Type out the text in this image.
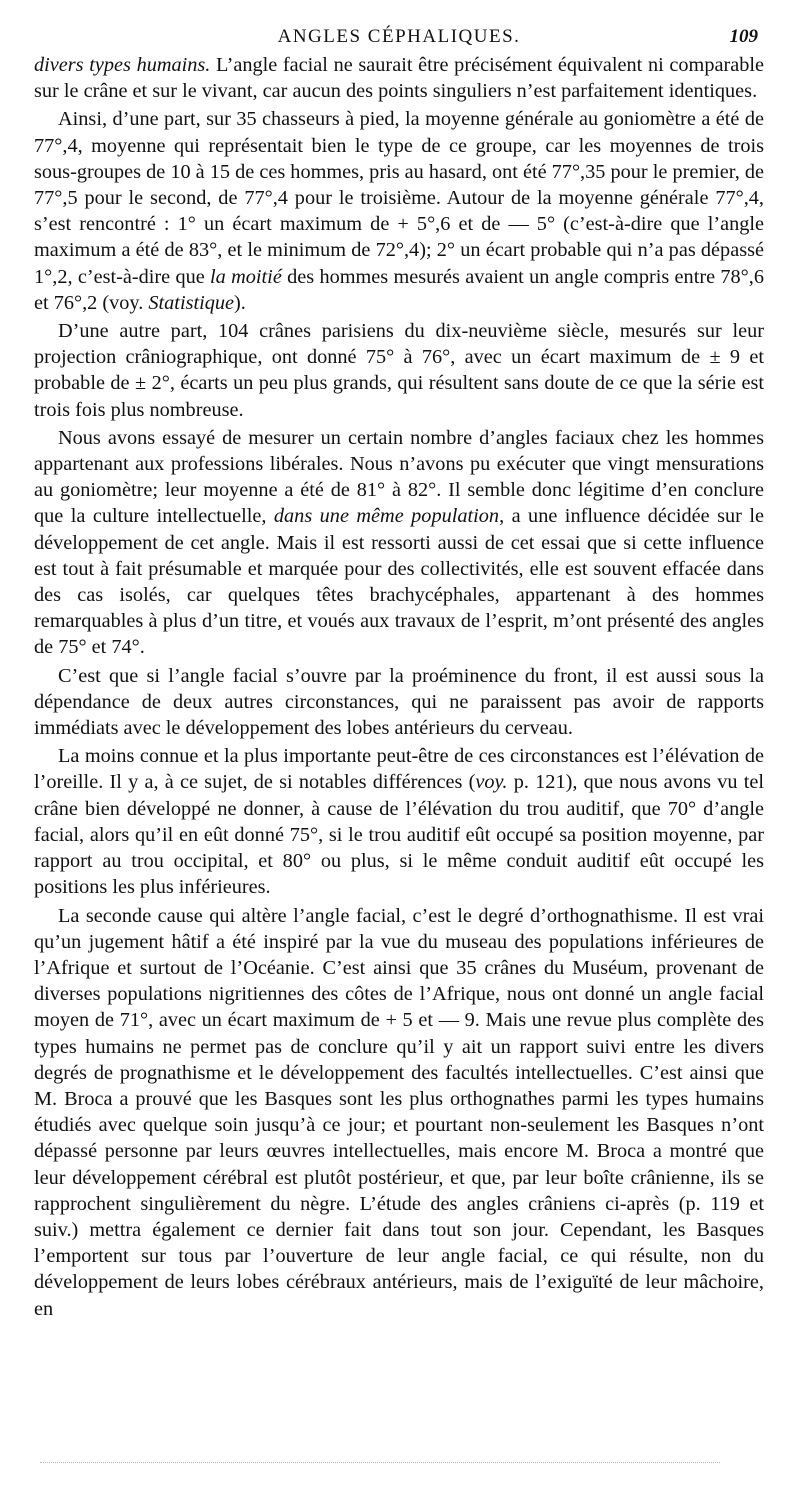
ANGLES CÉPHALIQUES.	109

divers types humains. L’angle facial ne saurait être précisément équivalent ni comparable sur le crâne et sur le vivant, car aucun des points singuliers n’est parfaitement identiques.

Ainsi, d’une part, sur 35 chasseurs à pied, la moyenne générale au goniomètre a été de 77°,4, moyenne qui représentait bien le type de ce groupe, car les moyennes de trois sous-groupes de 10 à 15 de ces hommes, pris au hasard, ont été 77°,35 pour le premier, de 77°,5 pour le second, de 77°,4 pour le troisième. Autour de la moyenne générale 77°,4, s’est rencontré : 1° un écart maximum de + 5°,6 et de — 5° (c’est-à-dire que l’angle maximum a été de 83°, et le minimum de 72°,4); 2° un écart probable qui n’a pas dépassé 1°,2, c’est-à-dire que la moitié des hommes mesurés avaient un angle compris entre 78°,6 et 76°,2 (voy. Statistique).

D’une autre part, 104 crânes parisiens du dix-neuvième siècle, mesurés sur leur projection crâniographique, ont donné 75° à 76°, avec un écart maximum de ± 9 et probable de ± 2°, écarts un peu plus grands, qui résultent sans doute de ce que la série est trois fois plus nombreuse.

Nous avons essayé de mesurer un certain nombre d’angles faciaux chez les hommes appartenant aux professions libérales. Nous n’avons pu exécuter que vingt mensurations au goniomètre; leur moyenne a été de 81° à 82°. Il semble donc légitime d’en conclure que la culture intellectuelle, dans une même population, a une influence décidée sur le développement de cet angle. Mais il est ressorti aussi de cet essai que si cette influence est tout à fait présumable et marquée pour des collectivités, elle est souvent effacée dans des cas isolés, car quelques têtes brachycéphales, appartenant à des hommes remarquables à plus d’un titre, et voués aux travaux de l’esprit, m’ont présenté des angles de 75° et 74°.

C’est que si l’angle facial s’ouvre par la proéminence du front, il est aussi sous la dépendance de deux autres circonstances, qui ne paraissent pas avoir de rapports immédiats avec le développement des lobes antérieurs du cerveau.

La moins connue et la plus importante peut-être de ces circonstances est l’élévation de l’oreille. Il y a, à ce sujet, de si notables différences (voy. p. 121), que nous avons vu tel crâne bien développé ne donner, à cause de l’élévation du trou auditif, que 70° d’angle facial, alors qu’il en eût donné 75°, si le trou auditif eût occupé sa position moyenne, par rapport au trou occipital, et 80° ou plus, si le même conduit auditif eût occupé les positions les plus inférieures.

La seconde cause qui altère l’angle facial, c’est le degré d’orthognathisme. Il est vrai qu’un jugement hâtif a été inspiré par la vue du museau des populations inférieures de l’Afrique et surtout de l’Océanie. C’est ainsi que 35 crânes du Muséum, provenant de diverses populations nigritiennes des côtes de l’Afrique, nous ont donné un angle facial moyen de 71°, avec un écart maximum de + 5 et — 9. Mais une revue plus complète des types humains ne permet pas de conclure qu’il y ait un rapport suivi entre les divers degrés de prognathisme et le développement des facultés intellectuelles. C’est ainsi que M. Broca a prouvé que les Basques sont les plus orthognathes parmi les types humains étudiés avec quelque soin jusqu’à ce jour; et pourtant non-seulement les Basques n’ont dépassé personne par leurs œuvres intellectuelles, mais encore M. Broca a montré que leur développement cérébral est plutôt postérieur, et que, par leur boîte crânienne, ils se rapprochent singulièrement du nègre. L’étude des angles crâniens ci-après (p. 119 et suiv.) mettra également ce dernier fait dans tout son jour. Cependant, les Basques l’emportent sur tous par l’ouverture de leur angle facial, ce qui résulte, non du développement de leurs lobes cérébraux antérieurs, mais de l’exiguïté de leur mâchoire, en
